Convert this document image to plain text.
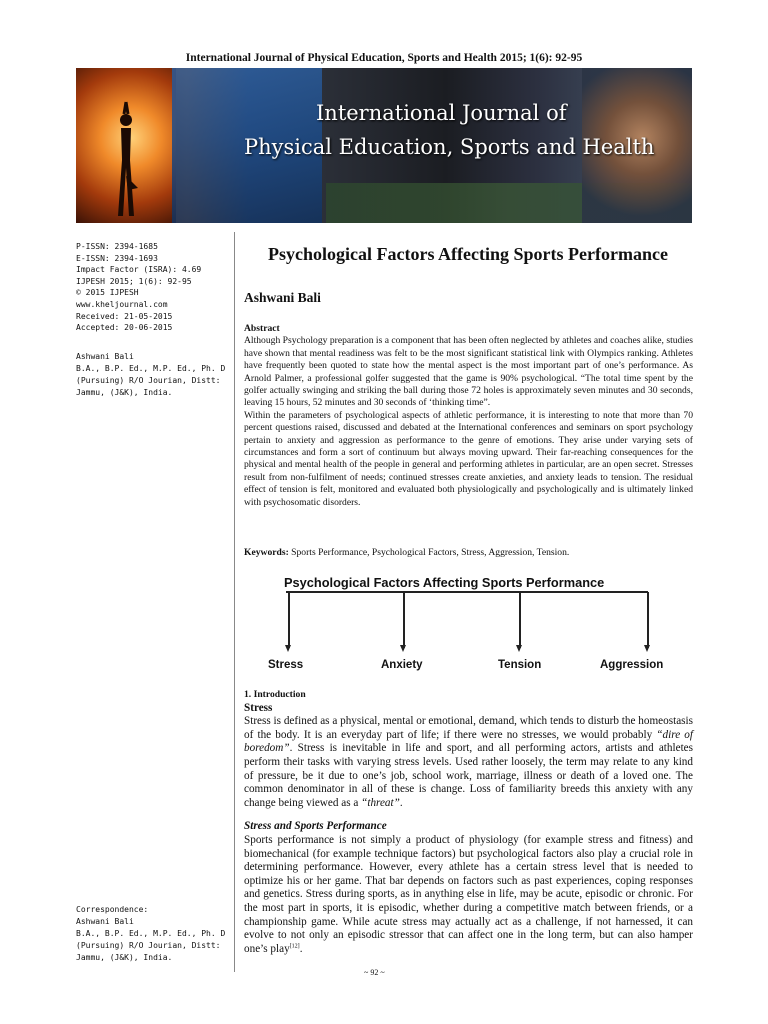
International Journal of Physical Education, Sports and Health 2015; 1(6): 92-95
International Journal of
Physical Education, Sports and Health
P-ISSN: 2394-1685
E-ISSN: 2394-1693
Impact Factor (ISRA): 4.69
IJPESH 2015; 1(6): 92-95
© 2015 IJPESH
www.kheljournal.com
Received: 21-05-2015
Accepted: 20-06-2015
Ashwani Bali
B.A., B.P. Ed., M.P. Ed., Ph. D
(Pursuing) R/O Jourian, Distt:
Jammu, (J&K), India.
Correspondence:
Ashwani Bali
B.A., B.P. Ed., M.P. Ed., Ph. D
(Pursuing) R/O Jourian, Distt:
Jammu, (J&K), India.
Psychological Factors Affecting Sports Performance
Ashwani Bali
Abstract

Although Psychology preparation is a component that has been often neglected by athletes and coaches alike, studies have shown that mental readiness was felt to be the most significant statistical link with Olympics ranking. Athletes have frequently been quoted to state how the mental aspect is the most important part of one’s performance. As Arnold Palmer, a professional golfer suggested that the game is 90% psychological. “The total time spent by the golfer actually swinging and striking the ball during those 72 holes is approximately seven minutes and 30 seconds, leaving 15 hours, 52 minutes and 30 seconds of ‘thinking time”.

Within the parameters of psychological aspects of athletic performance, it is interesting to note that more than 70 percent questions raised, discussed and debated at the International conferences and seminars on sport psychology pertain to anxiety and aggression as performance to the genre of emotions. They arise under varying sets of circumstances and form a sort of continuum but always moving upward. Their far-reaching consequences for the physical and mental health of the people in general and performing athletes in particular, are an open secret. Stresses result from non-fulfilment of needs; continued stresses create anxieties, and anxiety leads to tension. The residual effect of tension is felt, monitored and evaluated both physiologically and psychologically and is ultimately linked with psychosomatic disorders.

Keywords: Sports Performance, Psychological Factors, Stress, Aggression, Tension.
Psychological Factors Affecting Sports Performance
Stress	Anxiety	Tension	Aggression
1. Introduction
Stress

Stress is defined as a physical, mental or emotional, demand, which tends to disturb the homeostasis of the body. It is an everyday part of life; if there were no stresses, we would probably “dire of boredom”. Stress is inevitable in life and sport, and all performing actors, artists and athletes perform their tasks with varying stress levels. Used rather loosely, the term may relate to any kind of pressure, be it due to one’s job, school work, marriage, illness or death of a loved one. The common denominator in all of these is change. Loss of familiarity breeds this anxiety with any change being viewed as a “threat”.

Stress and Sports Performance

Sports performance is not simply a product of physiology (for example stress and fitness) and biomechanical (for example technique factors) but psychological factors also play a crucial role in determining performance. However, every athlete has a certain stress level that is needed to optimize his or her game. That bar depends on factors such as past experiences, coping responses and genetics. Stress during sports, as in anything else in life, may be acute, episodic or chronic. For the most part in sports, it is episodic, whether during a competitive match between friends, or a championship game. While acute stress may actually act as a challenge, if not harnessed, it can evolve to not only an episodic stressor that can affect one in the long term, but can also hamper one’s play[12].

~ 92 ~
